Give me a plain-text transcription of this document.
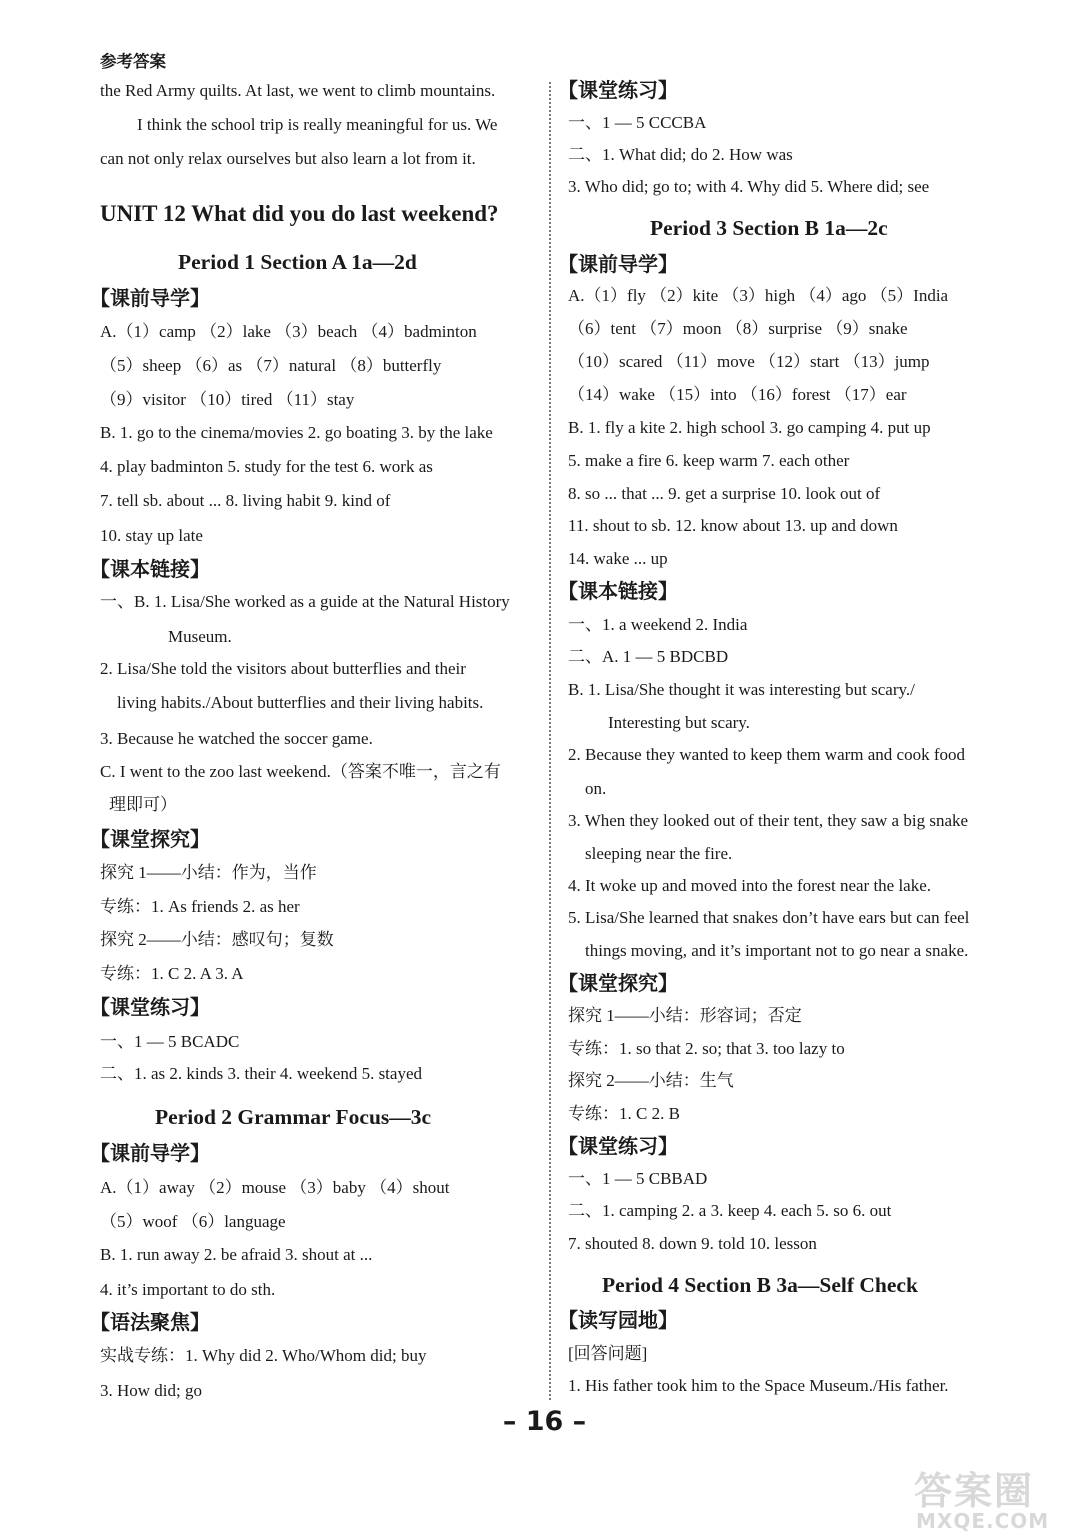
参考答案
the Red Army quilts. At last, we went to climb mountains.
I think the school trip is really meaningful for us. We
can not only relax ourselves but also learn a lot from it.
UNIT 12 What did you do last weekend?
Period 1 Section A 1a—2d
【课前导学】
A.（1）camp （2）lake （3）beach （4）badminton
（5）sheep （6）as （7）natural （8）butterfly
（9）visitor （10）tired （11）stay
B. 1. go to the cinema/movies 2. go boating 3. by the lake
4. play badminton 5. study for the test 6. work as
7. tell sb. about ... 8. living habit 9. kind of
10. stay up late
【课本链接】
一、B. 1. Lisa/She worked as a guide at the Natural History
Museum.
2. Lisa/She told the visitors about butterflies and their
living habits./About butterflies and their living habits.
3. Because he watched the soccer game.
C. I went to the zoo last weekend.（答案不唯一，言之有
理即可）
【课堂探究】
探究 1——小结：作为，当作
专练：1. As friends 2. as her
探究 2——小结：感叹句；复数
专练：1. C 2. A 3. A
【课堂练习】
一、1 — 5 BCADC
二、1. as 2. kinds 3. their 4. weekend 5. stayed
Period 2 Grammar Focus—3c
【课前导学】
A.（1）away （2）mouse （3）baby （4）shout
（5）woof （6）language
B. 1. run away 2. be afraid 3. shout at ...
4. it’s important to do sth.
【语法聚焦】
实战专练：1. Why did 2. Who/Whom did; buy
3. How did; go
【课堂练习】
一、1 — 5 CCCBA
二、1. What did; do 2. How was
3. Who did; go to; with 4. Why did 5. Where did; see
Period 3 Section B 1a—2c
【课前导学】
A.（1）fly （2）kite （3）high （4）ago （5）India
（6）tent （7）moon （8）surprise （9）snake
（10）scared （11）move （12）start （13）jump
（14）wake （15）into （16）forest （17）ear
B. 1. fly a kite 2. high school 3. go camping 4. put up
5. make a fire 6. keep warm 7. each other
8. so ... that ... 9. get a surprise 10. look out of
11. shout to sb. 12. know about 13. up and down
14. wake ... up
【课本链接】
一、1. a weekend 2. India
二、A. 1 — 5 BDCBD
B. 1. Lisa/She thought it was interesting but scary./
Interesting but scary.
2. Because they wanted to keep them warm and cook food
on.
3. When they looked out of their tent, they saw a big snake
sleeping near the fire.
4. It woke up and moved into the forest near the lake.
5. Lisa/She learned that snakes don’t have ears but can feel
things moving, and it’s important not to go near a snake.
【课堂探究】
探究 1——小结：形容词；否定
专练：1. so that 2. so; that 3. too lazy to
探究 2——小结：生气
专练：1. C 2. B
【课堂练习】
一、1 — 5 CBBAD
二、1. camping 2. a 3. keep 4. each 5. so 6. out
7. shouted 8. down 9. told 10. lesson
Period 4 Section B 3a—Self Check
【读写园地】
[回答问题]
1. His father took him to the Space Museum./His father.
– 16 –
答案圈
MXQE.COM
